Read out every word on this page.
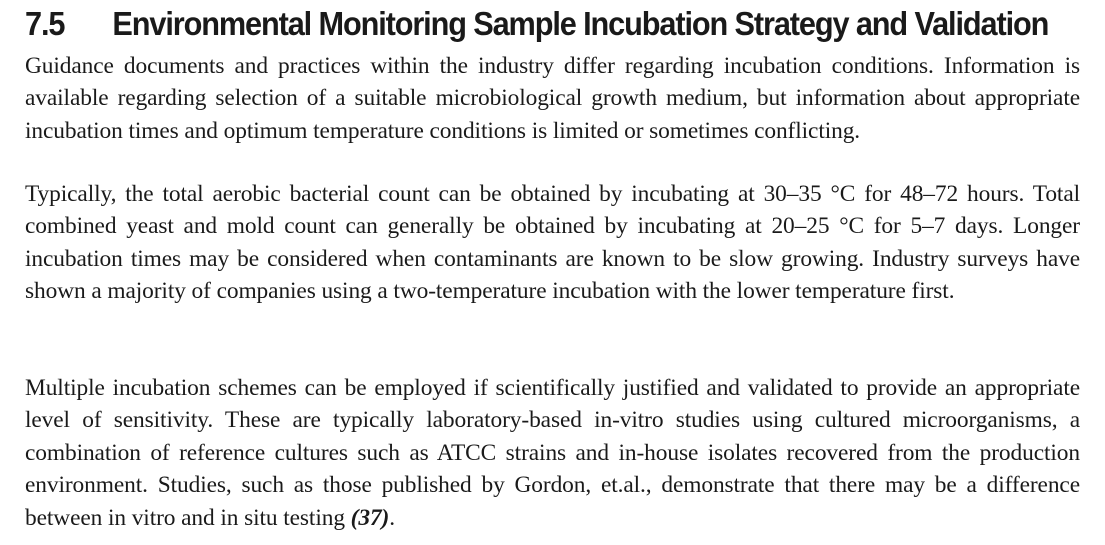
7.5	Environmental Monitoring Sample Incubation Strategy and Validation

Guidance documents and practices within the industry differ regarding incubation conditions. Information is available regarding selection of a suitable microbiological growth medium, but information about appropriate incubation times and optimum temperature conditions is limited or sometimes conflicting.

Typically, the total aerobic bacterial count can be obtained by incubating at 30–35 °C for 48–72 hours. Total combined yeast and mold count can generally be obtained by incubating at 20–25 °C for 5–7 days. Longer incubation times may be considered when contaminants are known to be slow growing. Industry surveys have shown a majority of companies using a two-temperature incubation with the lower temperature first.

Multiple incubation schemes can be employed if scientifically justified and validated to provide an appropriate level of sensitivity. These are typically laboratory-based in-vitro studies using cultured microorganisms, a combination of reference cultures such as ATCC strains and in-house isolates recovered from the production environment. Studies, such as those published by Gordon, et.al., demonstrate that there may be a difference between in vitro and in situ testing (37).
